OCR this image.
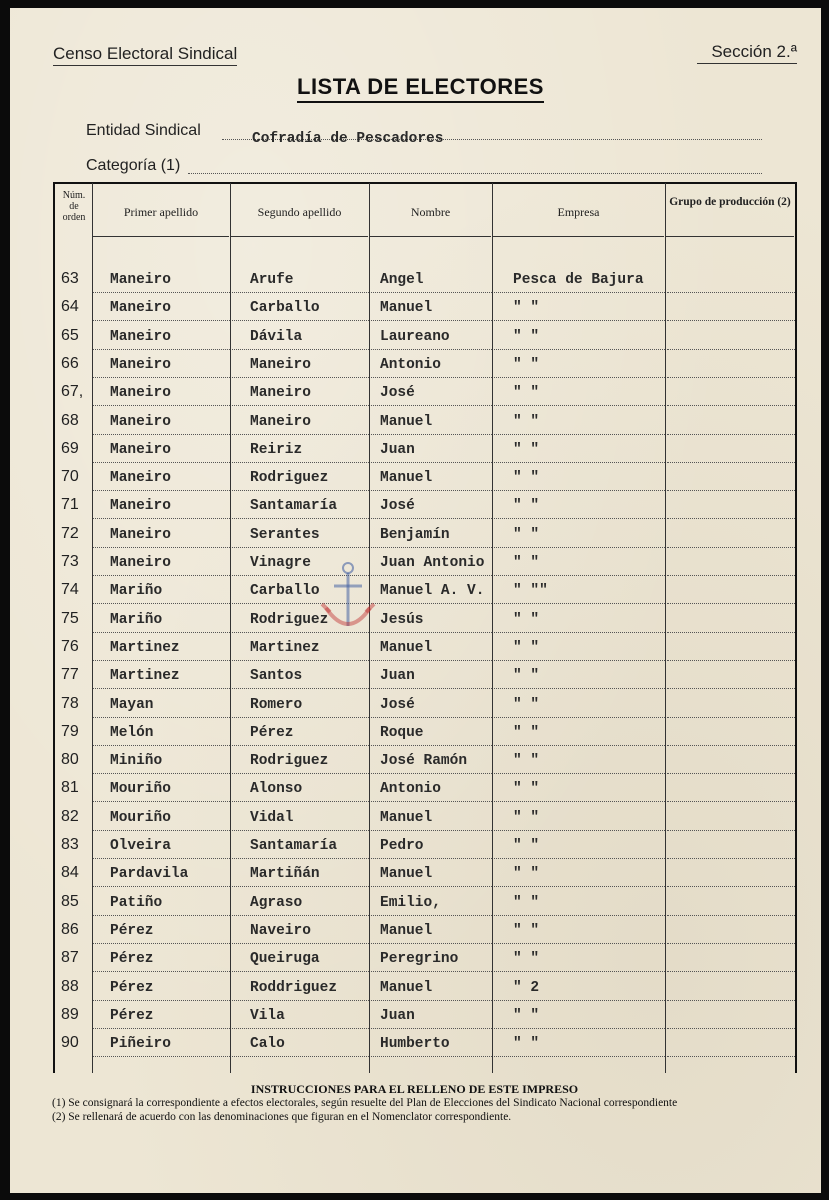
Censo Electoral Sindical	Sección 2.ª
LISTA DE ELECTORES
Entidad Sindical	Cofradía de Pescadores
Categoría (1)
Núm. de orden	Primer apellido	Segundo apellido	Nombre	Empresa
Grupo de producción (2)
63 Maneiro	Arufe	Angel	Pesca de Bajura
64 Maneiro	Carballo	Manuel	" "
65 Maneiro	Dávila	Laureano	" "
66 Maneiro	Maneiro	Antonio	" "
67, Maneiro	Maneiro	José	" "
68 Maneiro	Maneiro	Manuel	" "
69 Maneiro	Reiriz	Juan	" "
70 Maneiro	Rodriguez	Manuel	" "
71 Maneiro	Santamaría	José	" "
72 Maneiro	Serantes	Benjamín	" "
73 Maneiro	Vinagre	Juan Antonio " "
74 Mariño	Carballo	Manuel A. V. " ""
75 Mariño	Rodriguez	Jesús	" "
76 Martinez	Martinez	Manuel	" "
77 Martinez	Santos	Juan	" "
78 Mayan	Romero	José	" "
79 Melón	Pérez	Roque	" "
80 Miniño	Rodriguez	José Ramón	" "
81 Mouriño	Alonso	Antonio	" "
82 Mouriño	Vidal	Manuel	" "
83 Olveira	Santamaría	Pedro	" "
84 Pardavila	Martiñán	Manuel	" "
85 Patiño	Agraso	Emilio,	" "
86 Pérez	Naveiro	Manuel	" "
87 Pérez	Queiruga	Peregrino	" "
88 Pérez	Roddriguez	Manuel	" 2
89 Pérez	Vila	Juan	" "
90 Piñeiro	Calo	Humberto	" "
INSTRUCCIONES PARA EL RELLENO DE ESTE IMPRESO
(1) Se consignará la correspondiente a efectos electorales, según resuelte del Plan de Elecciones del Sindicato Nacional correspondiente
(2) Se rellenará de acuerdo con las denominaciones que figuran en el Nomenclator correspondiente.
